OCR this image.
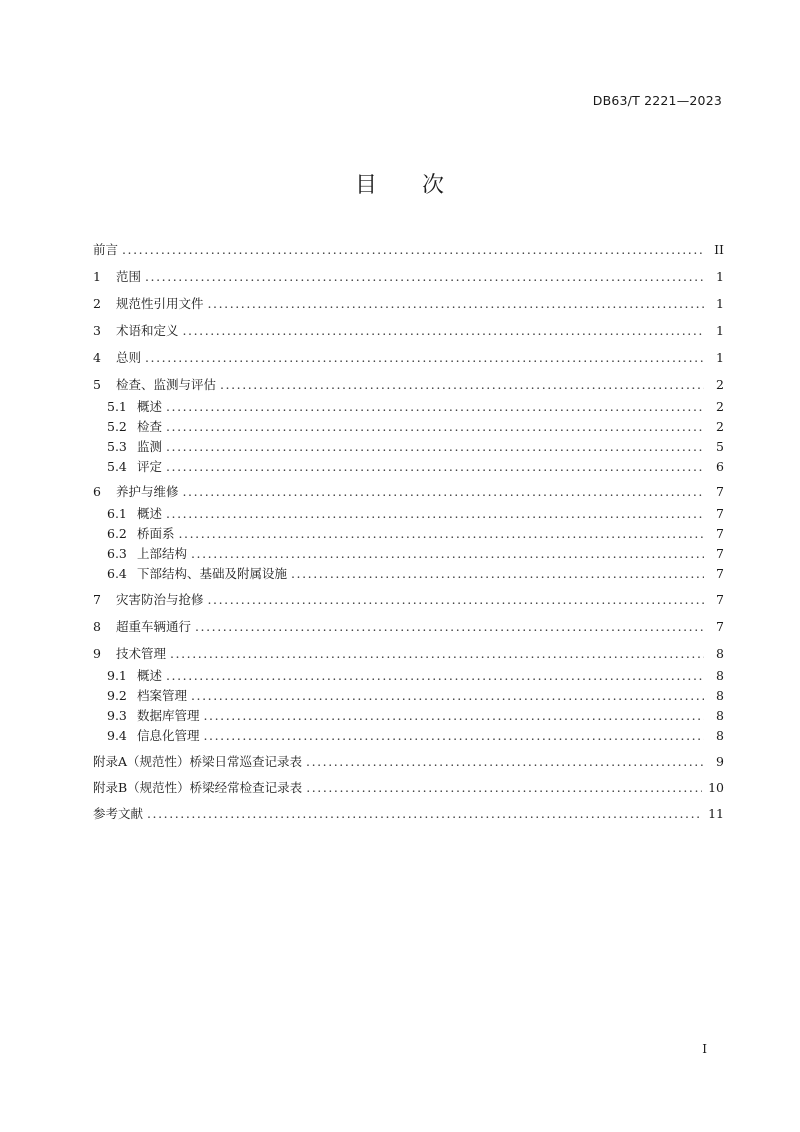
DB63/T 2221—2023
目 次
前言 . . .	II
1	范围 . . .	1
2	规范性引用文件 . . .	1
3	术语和定义 . . .	1
4	总则 . . .	1
5	检查、监测与评估 . . .	2
5.1 概述 . . .	2
5.2 检查 . . .	2
5.3 监测 . . .	5
5.4 评定 . . .	6
6	养护与维修 . . .	7
6.1 概述 . . .	7
6.2 桥面系 . . .	7
6.3 上部结构 . . .	7
6.4 下部结构、基础及附属设施 . . .	7
7	灾害防治与抢修 . . .	7
8	超重车辆通行 . . .	7
9	技术管理 . . .	8
9.1 概述 . . .	8
9.2 档案管理 . . .	8
9.3 数据库管理 . . .	8
9.4 信息化管理 . . .	8
附录A（规范性）桥梁日常巡查记录表 . . .	9
附录B（规范性）桥梁经常检查记录表 . . .	10
参考文献 . . .	11
I
